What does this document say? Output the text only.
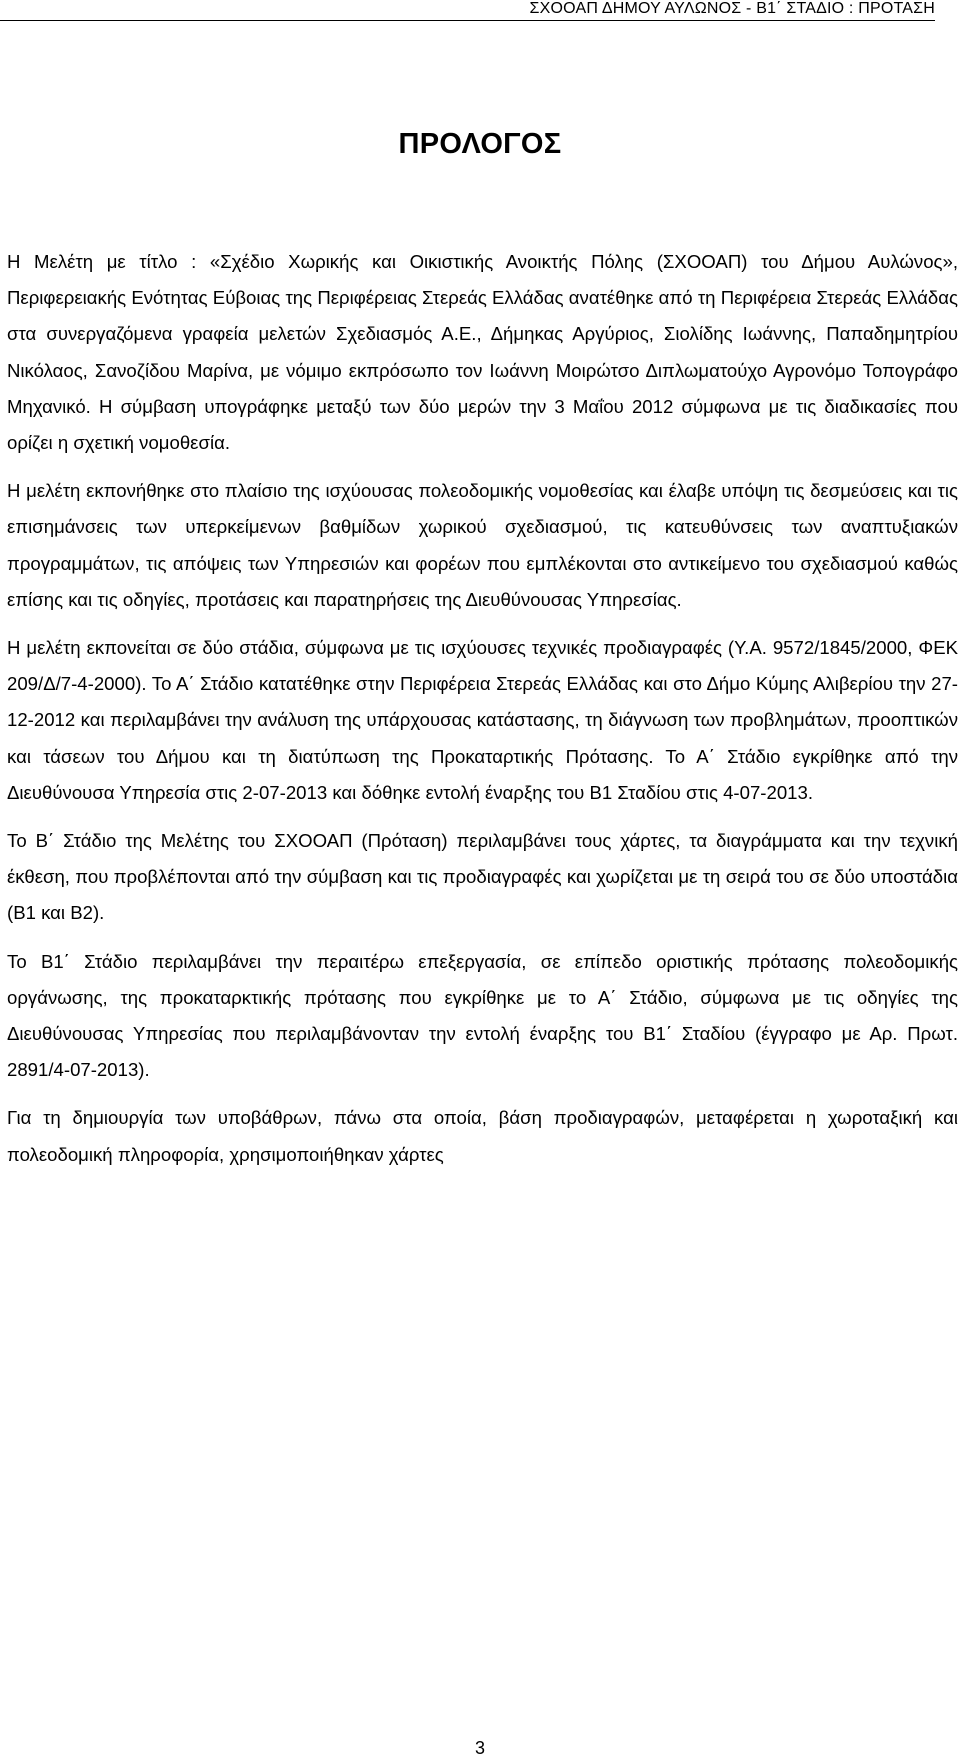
ΣΧΟΟΑΠ ΔΗΜΟΥ ΑΥΛΩΝΟΣ - Β1΄ ΣΤΑΔΙΟ : ΠΡΟΤΑΣΗ
ΠΡΟΛΟΓΟΣ

Η Μελέτη με τίτλο : «Σχέδιο Χωρικής και Οικιστικής Ανοικτής Πόλης (ΣΧΟΟΑΠ) του Δήμου Αυλώνος», Περιφερειακής Ενότητας Εύβοιας της Περιφέρειας Στερεάς Ελλάδας ανατέθηκε από τη Περιφέρεια Στερεάς Ελλάδας στα συνεργαζόμενα γραφεία μελετών Σχεδιασμός Α.Ε., Δήμηκας Αργύριος, Σιολίδης Ιωάννης, Παπαδημητρίου Νικόλαος, Σανοζίδου Μαρίνα, με νόμιμο εκπρόσωπο τον Ιωάννη Μοιρώτσο Διπλωματούχο Αγρονόμο Τοπογράφο Μηχανικό. Η σύμβαση υπογράφηκε μεταξύ των δύο μερών την 3 Μαΐου 2012 σύμφωνα με τις διαδικασίες που ορίζει η σχετική νομοθεσία.

Η μελέτη εκπονήθηκε στο πλαίσιο της ισχύουσας πολεοδομικής νομοθεσίας και έλαβε υπόψη τις δεσμεύσεις και τις επισημάνσεις των υπερκείμενων βαθμίδων χωρικού σχεδιασμού, τις κατευθύνσεις των αναπτυξιακών προγραμμάτων, τις απόψεις των Υπηρεσιών και φορέων που εμπλέκονται στο αντικείμενο του σχεδιασμού καθώς επίσης και τις οδηγίες, προτάσεις και παρατηρήσεις της Διευθύνουσας Υπηρεσίας.

Η μελέτη εκπονείται σε δύο στάδια, σύμφωνα με τις ισχύουσες τεχνικές προδιαγραφές (Υ.Α. 9572/1845/2000, ΦΕΚ 209/Δ/7-4-2000). Το Α΄ Στάδιο κατατέθηκε στην Περιφέρεια Στερεάς Ελλάδας και στο Δήμο Κύμης Αλιβερίου την 27-12-2012 και περιλαμβάνει την ανάλυση της υπάρχουσας κατάστασης, τη διάγνωση των προβλημάτων, προοπτικών και τάσεων του Δήμου και τη διατύπωση της Προκαταρτικής Πρότασης. Το Α΄ Στάδιο εγκρίθηκε από την Διευθύνουσα Υπηρεσία στις 2-07-2013 και δόθηκε εντολή έναρξης του Β1 Σταδίου στις 4-07-2013.

Το Β΄ Στάδιο της Μελέτης του ΣΧΟΟΑΠ (Πρόταση) περιλαμβάνει τους χάρτες, τα διαγράμματα και την τεχνική έκθεση, που προβλέπονται από την σύμβαση και τις προδιαγραφές και χωρίζεται με τη σειρά του σε δύο υποστάδια (Β1 και Β2).

Το Β1΄ Στάδιο περιλαμβάνει την περαιτέρω επεξεργασία, σε επίπεδο οριστικής πρότασης πολεοδομικής οργάνωσης, της προκαταρκτικής πρότασης που εγκρίθηκε με το Α΄ Στάδιο, σύμφωνα με τις οδηγίες της Διευθύνουσας Υπηρεσίας που περιλαμβάνονταν την εντολή έναρξης του Β1΄ Σταδίου (έγγραφο με Αρ. Πρωτ. 2891/4-07-2013).

Για τη δημιουργία των υποβάθρων, πάνω στα οποία, βάση προδιαγραφών, μεταφέρεται η χωροταξική και πολεοδομική πληροφορία, χρησιμοποιήθηκαν χάρτες

3
